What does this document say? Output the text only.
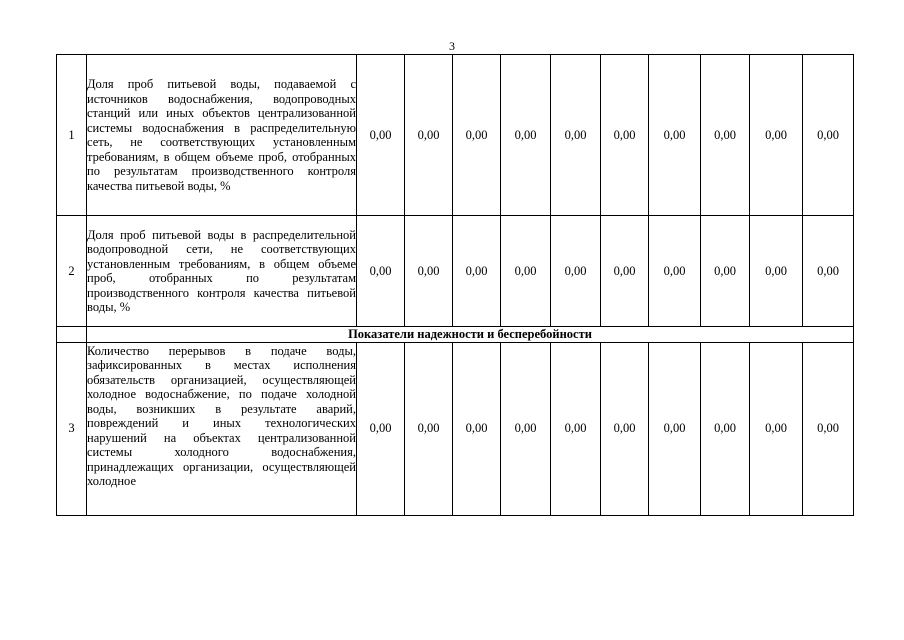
3
1	Доля проб питьевой воды, подаваемой с источников водоснабжения, водопроводных станций или иных объектов централизованной системы водоснабжения в распределительную сеть, не соответствующих установленным требованиям, в общем объеме проб, отобранных по результатам производственного контроля качества питьевой воды, %	0,00	0,00	0,00	0,00	0,00	0,00	0,00	0,00	0,00	0,00
2	Доля проб питьевой воды в распределительной водопроводной сети, не соответствующих установленным требованиям, в общем объеме проб, отобранных по результатам производственного контроля качества питьевой воды, %	0,00	0,00	0,00	0,00	0,00	0,00	0,00	0,00	0,00	0,00
	Показатели надежности и бесперебойности										
3	Количество перерывов в подаче воды, зафиксированных в местах исполнения обязательств организацией, осуществляющей холодное водоснабжение, по подаче холодной воды, возникших в результате аварий, повреждений и иных технологических нарушений на объектах централизованной системы холодного водоснабжения, принадлежащих организации, осуществляющей холодное	0,00	0,00	0,00	0,00	0,00	0,00	0,00	0,00	0,00	0,00
